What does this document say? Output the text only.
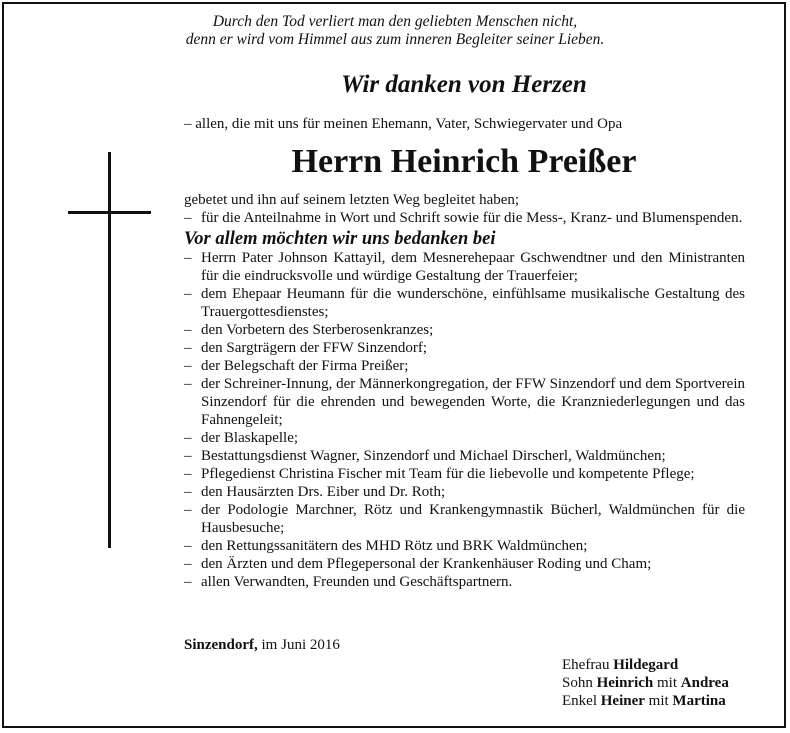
Durch den Tod verliert man den geliebten Menschen nicht,
denn er wird vom Himmel aus zum inneren Begleiter seiner Lieben.
Wir danken von Herzen
– allen, die mit uns für meinen Ehemann, Vater, Schwiegervater und Opa
Herrn Heinrich Preißer
gebetet und ihn auf seinem letzten Weg begleitet haben;
– für die Anteilnahme in Wort und Schrift sowie für die Mess-, Kranz- und Blumenspenden.
Vor allem möchten wir uns bedanken bei
– Herrn Pater Johnson Kattayil, dem Mesnerehepaar Gschwendtner und den Ministranten für die eindrucksvolle und würdige Gestaltung der Trauerfeier;
– dem Ehepaar Heumann für die wunderschöne, einfühlsame musikalische Gestaltung des Trauergottesdienstes;
– den Vorbetern des Sterberosenkranzes;
– den Sargträgern der FFW Sinzendorf;
– der Belegschaft der Firma Preißer;
– der Schreiner-Innung, der Männerkongregation, der FFW Sinzendorf und dem Sportverein Sinzendorf für die ehrenden und bewegenden Worte, die Kranzniederlegungen und das Fahnengeleit;
– der Blaskapelle;
– Bestattungsdienst Wagner, Sinzendorf und Michael Dirscherl, Waldmünchen;
– Pflegedienst Christina Fischer mit Team für die liebevolle und kompetente Pflege;
– den Hausärzten Drs. Eiber und Dr. Roth;
– der Podologie Marchner, Rötz und Krankengymnastik Bücherl, Waldmünchen für die Hausbesuche;
– den Rettungssanitätern des MHD Rötz und BRK Waldmünchen;
– den Ärzten und dem Pflegepersonal der Krankenhäuser Roding und Cham;
– allen Verwandten, Freunden und Geschäftspartnern.
Sinzendorf, im Juni 2016
Ehefrau Hildegard
Sohn Heinrich mit Andrea
Enkel Heiner mit Martina
